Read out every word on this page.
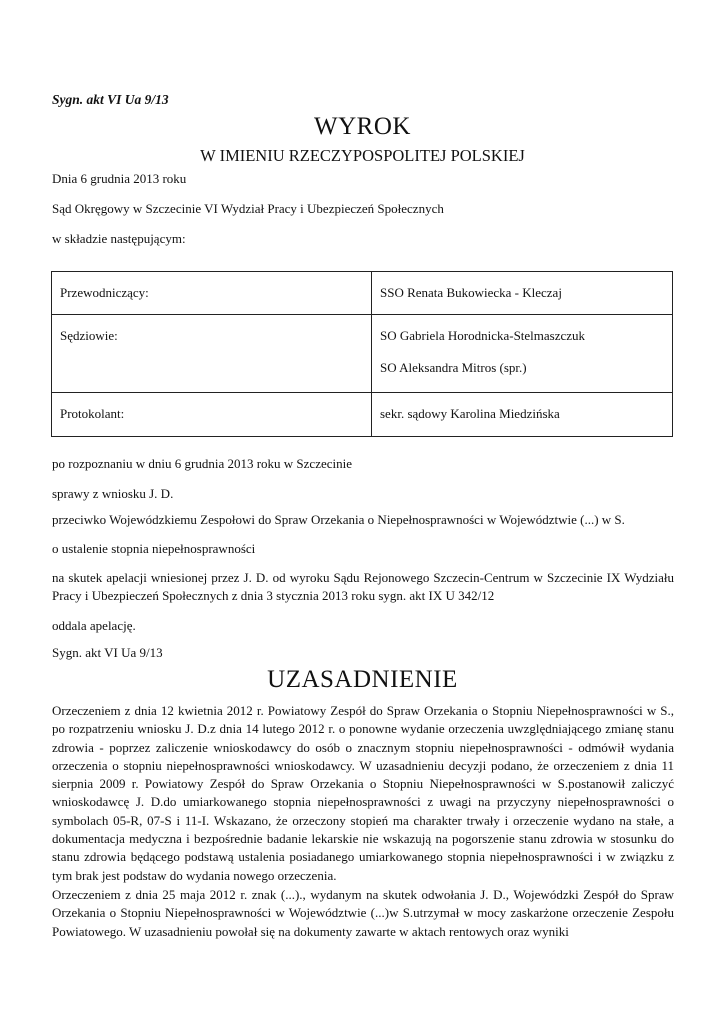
Sygn. akt VI Ua 9/13
WYROK
W IMIENIU RZECZYPOSPOLITEJ POLSKIEJ
Dnia 6 grudnia 2013 roku
Sąd Okręgowy w Szczecinie VI Wydział Pracy i Ubezpieczeń Społecznych
w składzie następującym:
Przewodniczący:	SSO Renata Bukowiecka - Kleczaj
Sędziowie:	SO Gabriela Horodnicka-Stelmaszczuk
SO Aleksandra Mitros (spr.)

Protokolant:	sekr. sądowy Karolina Miedzińska
po rozpoznaniu w dniu 6 grudnia 2013 roku w Szczecinie
sprawy z wniosku J. D.
przeciwko Wojewódzkiemu Zespołowi do Spraw Orzekania o Niepełnosprawności w Województwie (...) w S.
o ustalenie stopnia niepełnosprawności
na skutek apelacji wniesionej przez J. D. od wyroku Sądu Rejonowego Szczecin-Centrum w Szczecinie IX Wydziału Pracy i Ubezpieczeń Społecznych z dnia 3 stycznia 2013 roku sygn. akt IX U 342/12
oddala apelację.
Sygn. akt VI Ua 9/13
UZASADNIENIE
Orzeczeniem z dnia 12 kwietnia 2012 r. Powiatowy Zespół do Spraw Orzekania o Stopniu Niepełnosprawności w S., po rozpatrzeniu wniosku J. D.z dnia 14 lutego 2012 r. o ponowne wydanie orzeczenia uwzględniającego zmianę stanu zdrowia - poprzez zaliczenie wnioskodawcy do osób o znacznym stopniu niepełnosprawności - odmówił wydania orzeczenia o stopniu niepełnosprawności wnioskodawcy. W uzasadnieniu decyzji podano, że orzeczeniem z dnia 11 sierpnia 2009 r. Powiatowy Zespół do Spraw Orzekania o Stopniu Niepełnosprawności w S.postanowił zaliczyć wnioskodawcę J. D.do umiarkowanego stopnia niepełnosprawności z uwagi na przyczyny niepełnosprawności o symbolach 05-R, 07-S i 11-I. Wskazano, że orzeczony stopień ma charakter trwały i orzeczenie wydano na stałe, a dokumentacja medyczna i bezpośrednie badanie lekarskie nie wskazują na pogorszenie stanu zdrowia w stosunku do stanu zdrowia będącego podstawą ustalenia posiadanego umiarkowanego stopnia niepełnosprawności i w związku z tym brak jest podstaw do wydania nowego orzeczenia.
Orzeczeniem z dnia 25 maja 2012 r. znak (...)., wydanym na skutek odwołania J. D., Wojewódzki Zespół do Spraw Orzekania o Stopniu Niepełnosprawności w Województwie (...)w S.utrzymał w mocy zaskarżone orzeczenie Zespołu Powiatowego. W uzasadnieniu powołał się na dokumenty zawarte w aktach rentowych oraz wyniki
